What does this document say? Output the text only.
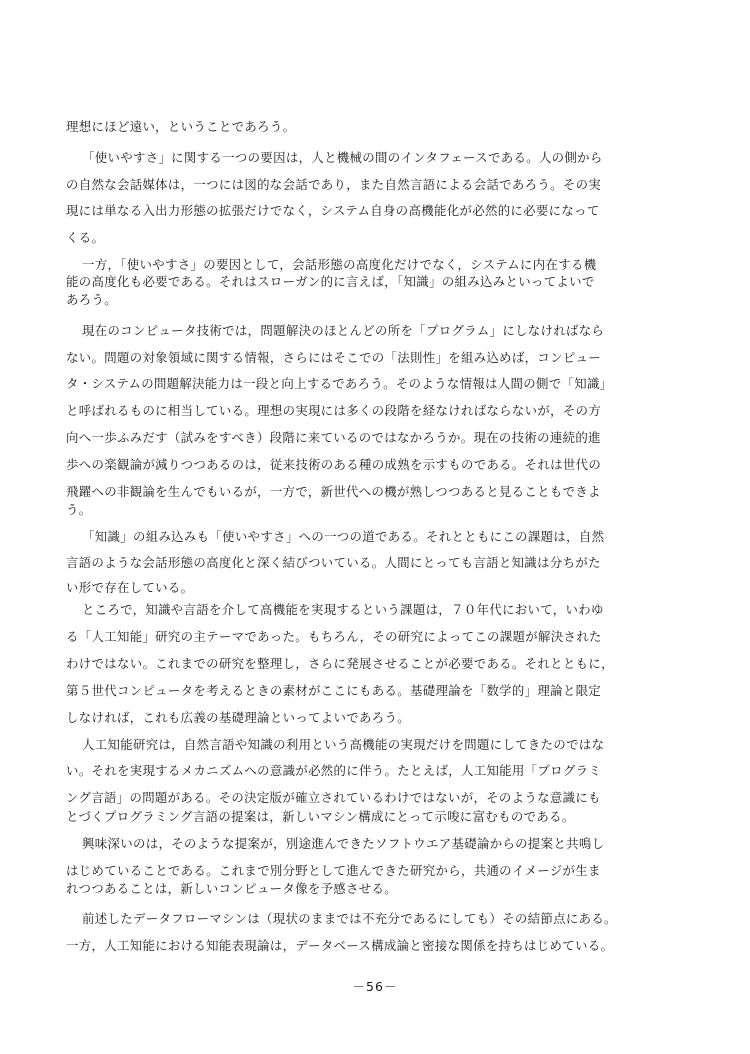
理想にほど遠い，ということであろう。
「使いやすさ」に関する一つの要因は，人と機械の間のインタフェースである。人の側から
の自然な会話媒体は，一つには図的な会話であり，また自然言語による会話であろう。その実
現には単なる入出力形態の拡張だけでなく，システム自身の高機能化が必然的に必要になって
くる。
一方，「使いやすさ」の要因として，会話形態の高度化だけでなく，システムに内在する機
能の高度化も必要である。それはスローガン的に言えば，「知識」の組み込みといってよいで
あろう。
現在のコンピュータ技術では，問題解決のほとんどの所を「プログラム」にしなければなら
ない。問題の対象領域に関する情報，さらにはそこでの「法則性」を組み込めば，コンピュー
タ・システムの問題解決能力は一段と向上するであろう。そのような情報は人間の側で「知識」
と呼ばれるものに相当している。理想の実現には多くの段階を経なければならないが，その方
向へ一歩ふみだす（試みをすべき）段階に来ているのではなかろうか。現在の技術の連続的進
歩への楽観論が減りつつあるのは，従来技術のある種の成熟を示すものである。それは世代の
飛躍への非観論を生んでもいるが，一方で，新世代への機が熟しつつあると見ることもできよ
う。
「知識」の組み込みも「使いやすさ」への一つの道である。それとともにこの課題は，自然
言語のような会話形態の高度化と深く結びついている。人間にとっても言語と知識は分ちがた
い形で存在している。
ところで，知識や言語を介して高機能を実現するという課題は，７０年代において，いわゆ
る「人工知能」研究の主テーマであった。もちろん，その研究によってこの課題が解決された
わけではない。これまでの研究を整理し，さらに発展させることが必要である。それとともに，
第５世代コンピュータを考えるときの素材がここにもある。基礎理論を「数学的」理論と限定
しなければ，これも広義の基礎理論といってよいであろう。
人工知能研究は，自然言語や知識の利用という高機能の実現だけを問題にしてきたのではな
い。それを実現するメカニズムへの意識が必然的に伴う。たとえば，人工知能用「プログラミ
ング言語」の問題がある。その決定版が確立されているわけではないが，そのような意識にも
とづくプログラミング言語の提案は，新しいマシン構成にとって示唆に富むものである。
興味深いのは，そのような提案が，別途進んできたソフトウエア基礎論からの提案と共鳴し
はじめていることである。これまで別分野として進んできた研究から，共通のイメージが生ま
れつつあることは，新しいコンピュータ像を予感させる。
前述したデータフローマシンは（現状のままでは不充分であるにしても）その結節点にある。
一方，人工知能における知能表現論は，データベース構成論と密接な関係を持ちはじめている。
－56－
